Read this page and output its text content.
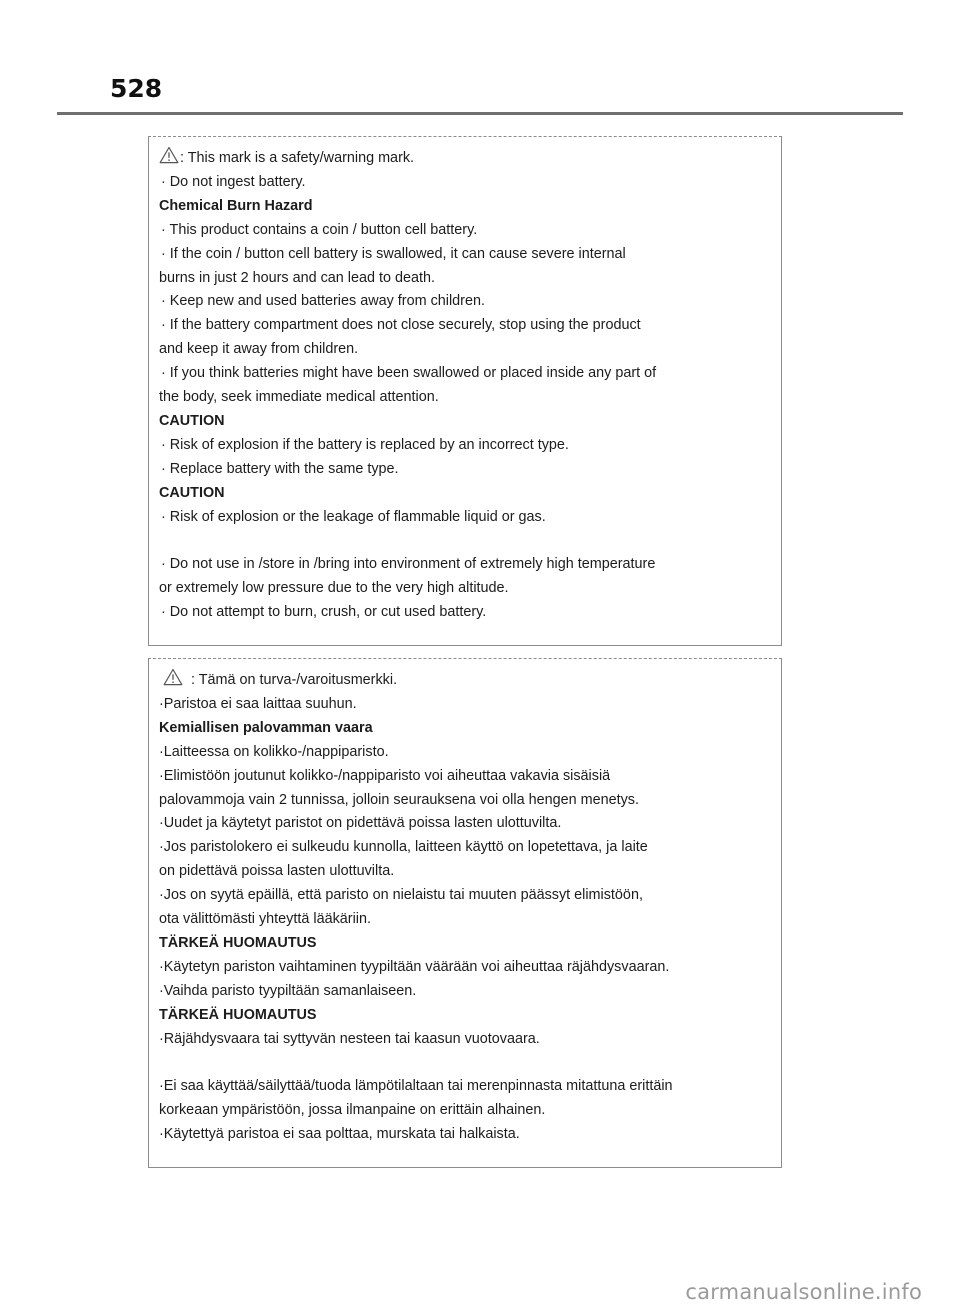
528
: This mark is a safety/warning mark.
· Do not ingest battery.
Chemical Burn Hazard
· This product contains a coin / button cell battery.
· If the coin / button cell battery is swallowed, it can cause severe internal
burns in just 2 hours and can lead to death.
· Keep new and used batteries away from children.
· If the battery compartment does not close securely, stop using the product
and keep it away from children.
· If you think batteries might have been swallowed or placed inside any part of
the body, seek immediate medical attention.
CAUTION
· Risk of explosion if the battery is replaced by an incorrect type.
· Replace battery with the same type.
CAUTION
· Risk of explosion or the leakage of flammable liquid or gas.
· Do not use in /store in /bring into environment of extremely high temperature
or extremely low pressure due to the very high altitude.
· Do not attempt to burn, crush, or cut used battery.
: Tämä on turva-/varoitusmerkki.
·Paristoa ei saa laittaa suuhun.
Kemiallisen palovamman vaara
·Laitteessa on kolikko-/nappiparisto.
·Elimistöön joutunut kolikko-/nappiparisto voi aiheuttaa vakavia sisäisiä
palovammoja vain 2 tunnissa, jolloin seurauksena voi olla hengen menetys.
·Uudet ja käytetyt paristot on pidettävä poissa lasten ulottuvilta.
·Jos paristolokero ei sulkeudu kunnolla, laitteen käyttö on lopetettava, ja laite
on pidettävä poissa lasten ulottuvilta.
·Jos on syytä epäillä, että paristo on nielaistu tai muuten päässyt elimistöön,
ota välittömästi yhteyttä lääkäriin.
TÄRKEÄ HUOMAUTUS
·Käytetyn pariston vaihtaminen tyypiltään väärään voi aiheuttaa räjähdysvaaran.
·Vaihda paristo tyypiltään samanlaiseen.
TÄRKEÄ HUOMAUTUS
·Räjähdysvaara tai syttyvän nesteen tai kaasun vuotovaara.
·Ei saa käyttää/säilyttää/tuoda lämpötilaltaan tai merenpinnasta mitattuna erittäin
korkeaan ympäristöön, jossa ilmanpaine on erittäin alhainen.
·Käytettyä paristoa ei saa polttaa, murskata tai halkaista.
carmanualsonline.info
